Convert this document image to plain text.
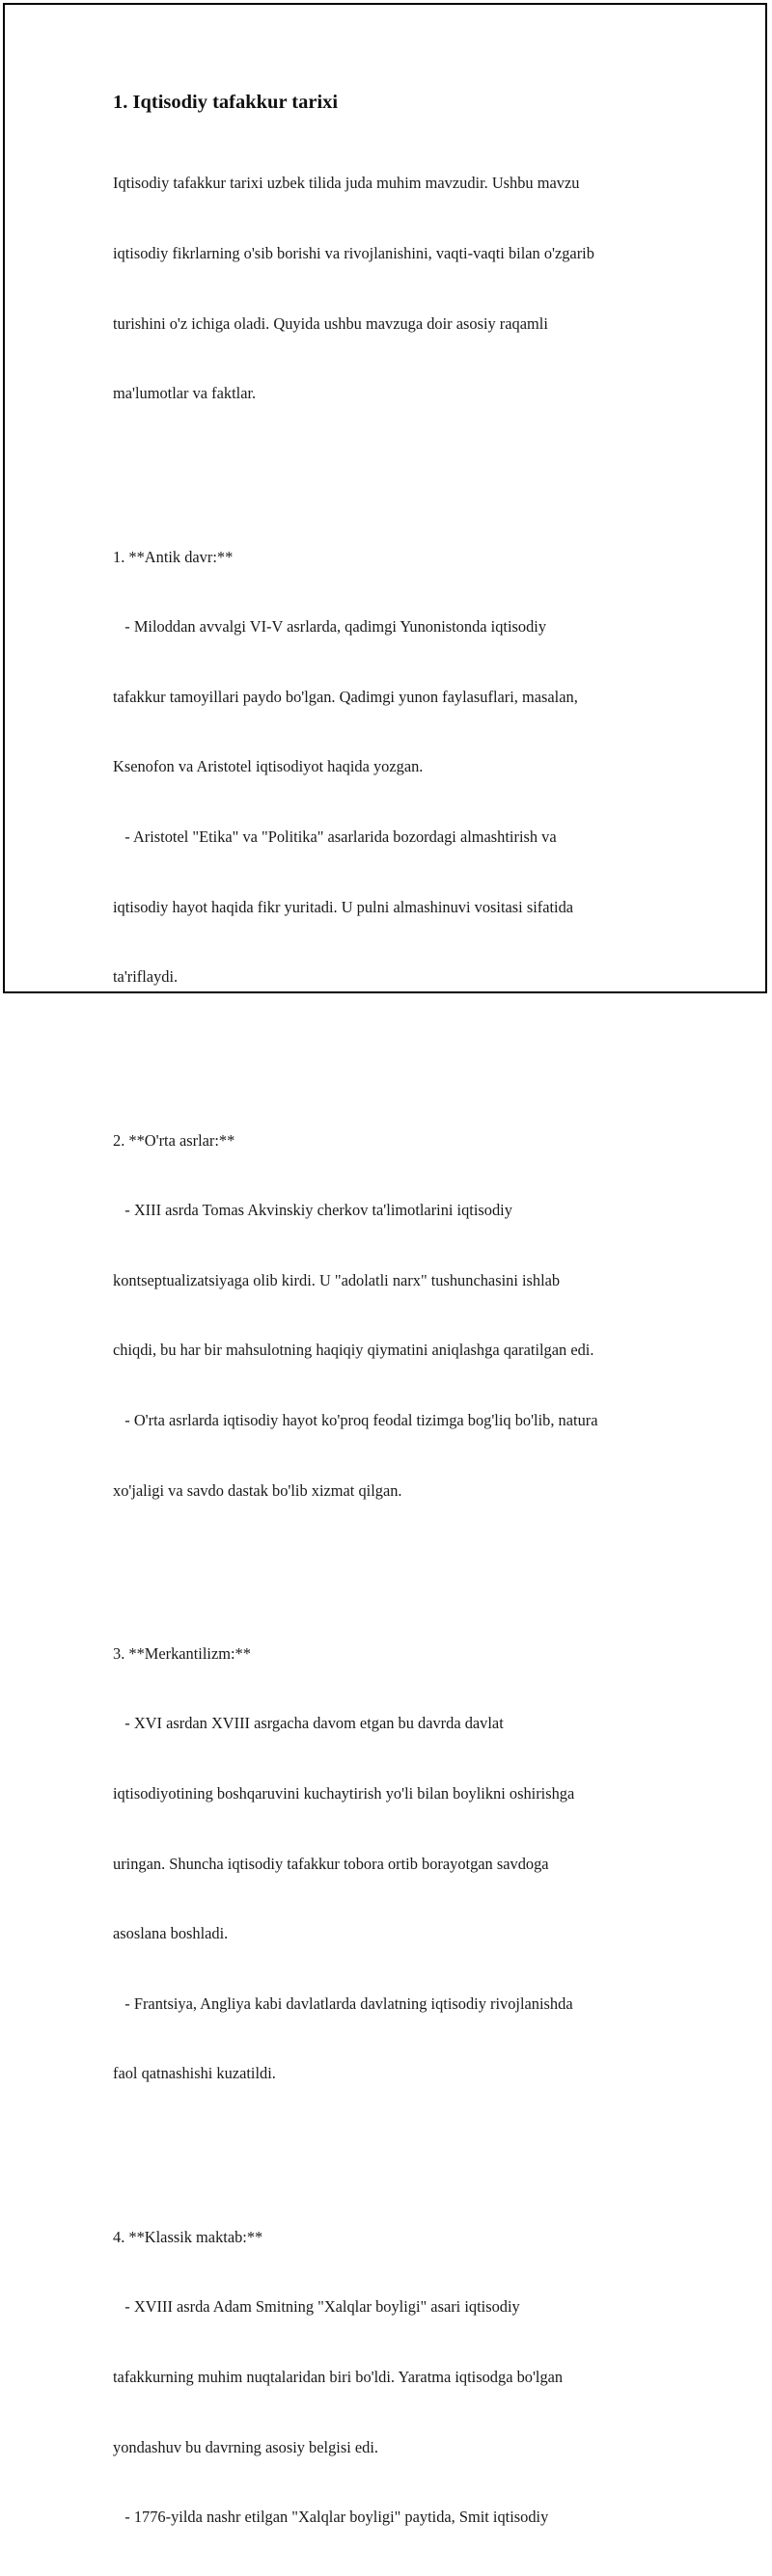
1. Iqtisodiy tafakkur tarixi

Iqtisodiy tafakkur tarixi uzbek tilida juda muhim mavzudir. Ushbu mavzu

iqtisodiy fikrlarning o'sib borishi va rivojlanishini, vaqti-vaqti bilan o'zgarib

turishini o'z ichiga oladi. Quyida ushbu mavzuga doir asosiy raqamli

ma'lumotlar va faktlar.

1. **Antik davr:**

- Miloddan avvalgi VI-V asrlarda, qadimgi Yunonistonda iqtisodiy

tafakkur tamoyillari paydo bo'lgan. Qadimgi yunon faylasuflari, masalan,

Ksenofon va Aristotel iqtisodiyot haqida yozgan.

- Aristotel "Etika" va "Politika" asarlarida bozordagi almashtirish va

iqtisodiy hayot haqida fikr yuritadi. U pulni almashinuvi vositasi sifatida

ta'riflaydi.

2. **O'rta asrlar:**

- XIII asrda Tomas Akvinskiy cherkov ta'limotlarini iqtisodiy

kontseptualizatsiyaga olib kirdi. U "adolatli narx" tushunchasini ishlab

chiqdi, bu har bir mahsulotning haqiqiy qiymatini aniqlashga qaratilgan edi.

- O'rta asrlarda iqtisodiy hayot ko'proq feodal tizimga bog'liq bo'lib, natura

xo'jaligi va savdo dastak bo'lib xizmat qilgan.

3. **Merkantilizm:**

- XVI asrdan XVIII asrgacha davom etgan bu davrda davlat

iqtisodiyotining boshqaruvini kuchaytirish yo'li bilan boylikni oshirishga

uringan. Shuncha iqtisodiy tafakkur tobora ortib borayotgan savdoga

asoslana boshladi.

- Frantsiya, Angliya kabi davlatlarda davlatning iqtisodiy rivojlanishda

faol qatnashishi kuzatildi.

4. **Klassik maktab:**

- XVIII asrda Adam Smitning "Xalqlar boyligi" asari iqtisodiy

tafakkurning muhim nuqtalaridan biri bo'ldi. Yaratma iqtisodga bo'lgan

yondashuv bu davrning asosiy belgisi edi.

- 1776-yilda nashr etilgan "Xalqlar boyligi" paytida, Smit iqtisodiy
